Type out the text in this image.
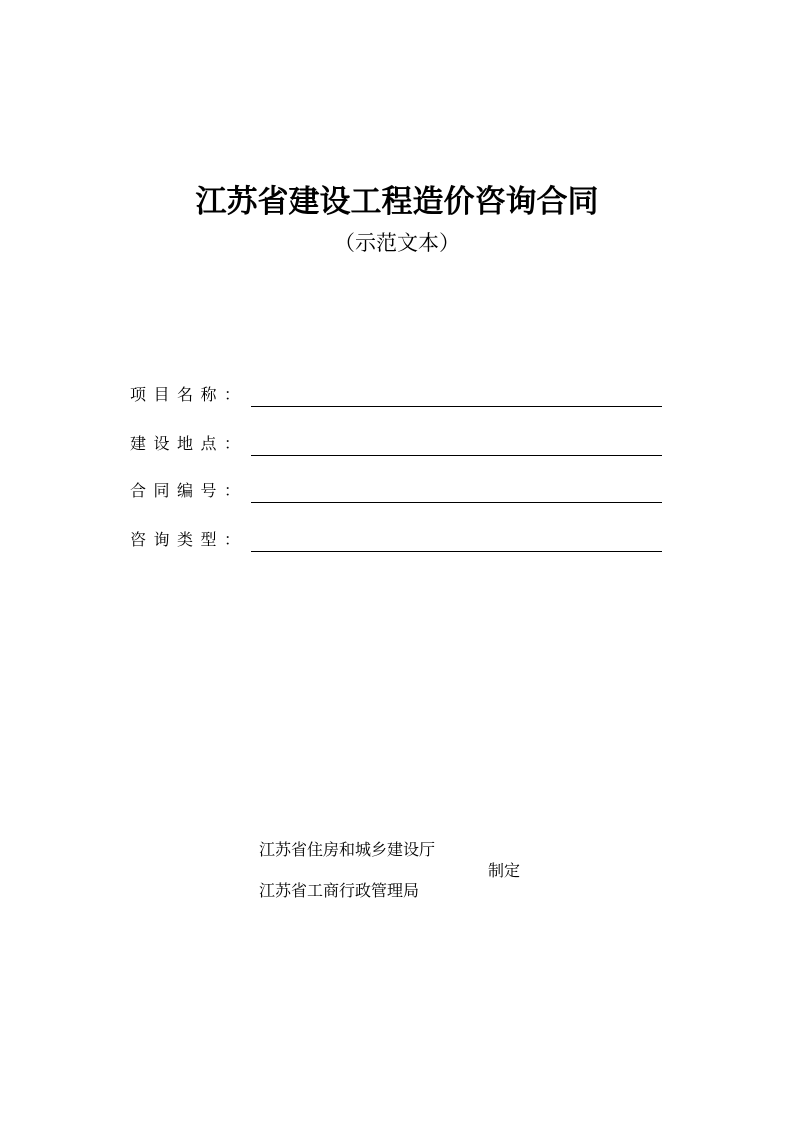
江苏省建设工程造价咨询合同
（示范文本）
项目名称：
建设地点：
合同编号：
咨询类型：
江苏省住房和城乡建设厅
江苏省工商行政管理局
制定
